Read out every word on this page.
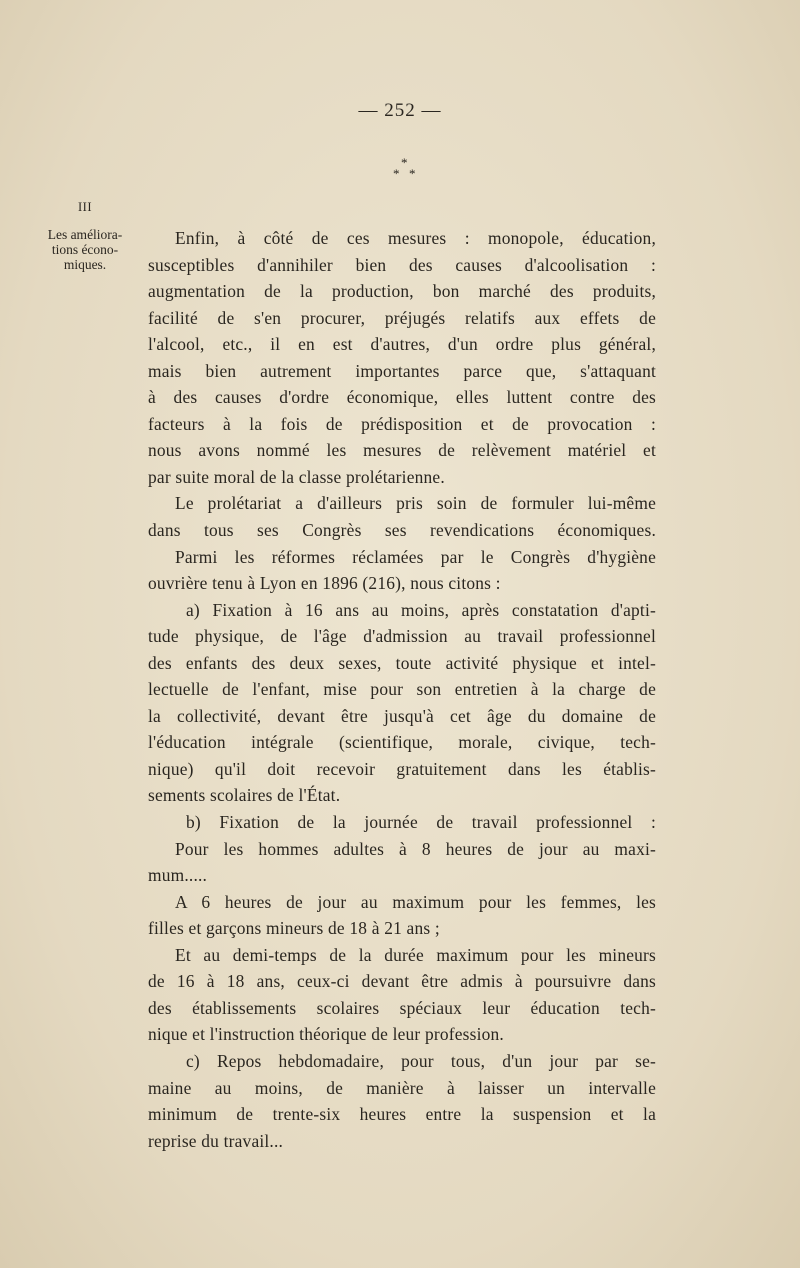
— 252 —
*
* *
III
Les améliora-
tions écono-
miques.
Enfin, à côté de ces mesures : monopole, éducation,
susceptibles d'annihiler bien des causes d'alcoolisation :
augmentation de la production, bon marché des produits,
facilité de s'en procurer, préjugés relatifs aux effets de
l'alcool, etc., il en est d'autres, d'un ordre plus général,
mais bien autrement importantes parce que, s'attaquant
à des causes d'ordre économique, elles luttent contre des
facteurs à la fois de prédisposition et de provocation :
nous avons nommé les mesures de relèvement matériel et
par suite moral de la classe prolétarienne.
Le prolétariat a d'ailleurs pris soin de formuler lui-même
dans tous ses Congrès ses revendications économiques.
Parmi les réformes réclamées par le Congrès d'hygiène
ouvrière tenu à Lyon en 1896 (216), nous citons :
a) Fixation à 16 ans au moins, après constatation d'apti-
tude physique, de l'âge d'admission au travail professionnel
des enfants des deux sexes, toute activité physique et intel-
lectuelle de l'enfant, mise pour son entretien à la charge de
la collectivité, devant être jusqu'à cet âge du domaine de
l'éducation intégrale (scientifique, morale, civique, tech-
nique) qu'il doit recevoir gratuitement dans les établis-
sements scolaires de l'État.
b) Fixation de la journée de travail professionnel :
Pour les hommes adultes à 8 heures de jour au maxi-
mum.....
A 6 heures de jour au maximum pour les femmes, les
filles et garçons mineurs de 18 à 21 ans ;
Et au demi-temps de la durée maximum pour les mineurs
de 16 à 18 ans, ceux-ci devant être admis à poursuivre dans
des établissements scolaires spéciaux leur éducation tech-
nique et l'instruction théorique de leur profession.
c) Repos hebdomadaire, pour tous, d'un jour par se-
maine au moins, de manière à laisser un intervalle
minimum de trente-six heures entre la suspension et la
reprise du travail...
